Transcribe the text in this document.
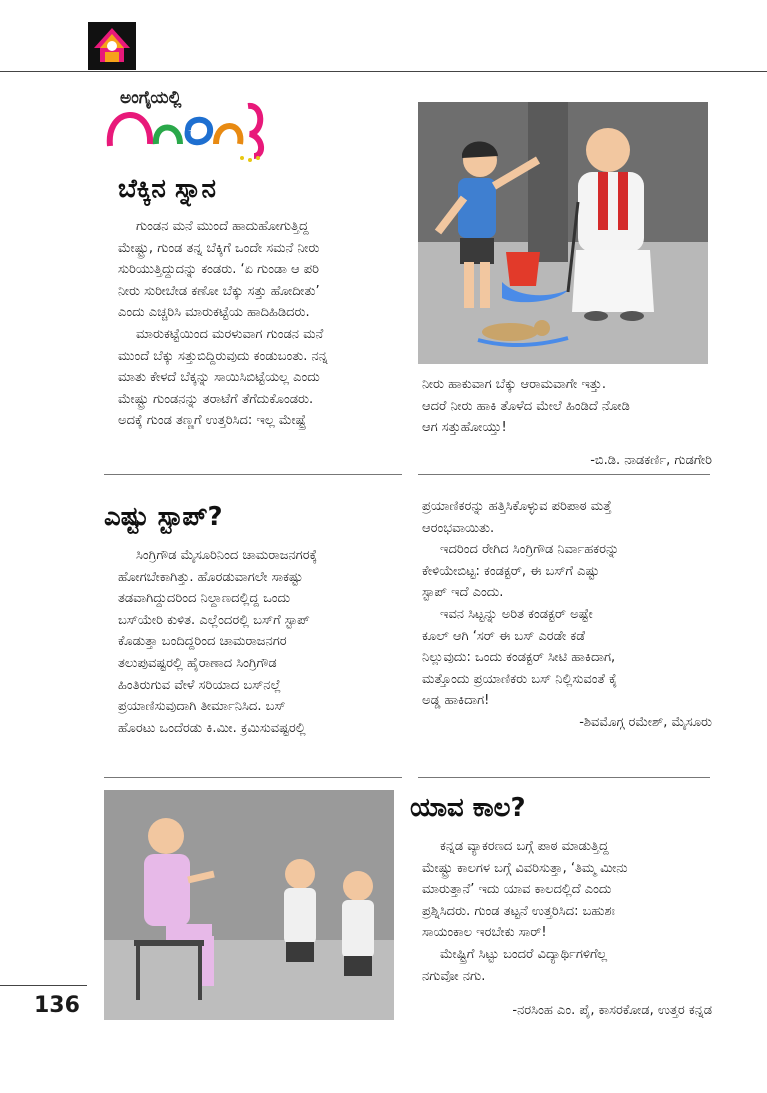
ಅಂಗೈಯಲ್ಲಿ
ಬೆಕ್ಕಿನ ಸ್ನಾನ

ಗುಂಡನ ಮನೆ ಮುಂದೆ ಹಾದುಹೋಗುತ್ತಿದ್ದ

ಮೇಷ್ಟ್ರು, ಗುಂಡ ತನ್ನ ಬೆಕ್ಕಿಗೆ ಒಂದೇ ಸಮನೆ ನೀರು

ಸುರಿಯುತ್ತಿದ್ದುದನ್ನು ಕಂಡರು. ‘ಏ ಗುಂಡಾ ಆ ಪರಿ

ನೀರು ಸುರೀಬೇಡ ಕಣೋ ಬೆಕ್ಕು ಸತ್ತು ಹೋದೀತು’

ಎಂದು ಎಚ್ಚರಿಸಿ ಮಾರುಕಟ್ಟೆಯ ಹಾದಿಹಿಡಿದರು.

ಮಾರುಕಟ್ಟೆಯಿಂದ ಮರಳುವಾಗ ಗುಂಡನ ಮನೆ

ಮುಂದೆ ಬೆಕ್ಕು ಸತ್ತುಬಿದ್ದಿರುವುದು ಕಂಡುಬಂತು. ನನ್ನ

ಮಾತು ಕೇಳದೆ ಬೆಕ್ಕನ್ನು ಸಾಯಿಸಿಬಿಟ್ಟೆಯಲ್ಲ ಎಂದು

ಮೇಷ್ಟ್ರು ಗುಂಡನನ್ನು ತರಾಟೆಗೆ ತೆಗೆದುಕೊಂಡರು.

ಅದಕ್ಕೆ ಗುಂಡ ತಣ್ಣಗೆ ಉತ್ತರಿಸಿದ: ಇಲ್ಲ ಮೇಷ್ಟ್ರೆ

ನೀರು ಹಾಕುವಾಗ ಬೆಕ್ಕು ಆರಾಮವಾಗೇ ಇತ್ತು.

ಆದರೆ ನೀರು ಹಾಕಿ ತೊಳೆದ ಮೇಲೆ ಹಿಂಡಿದೆ ನೋಡಿ

ಆಗ ಸತ್ತುಹೋಯ್ತು!

-ಬಿ.ಡಿ. ನಾಡಕರ್ಣಿ, ಗುಡಗೇರಿ
ಎಷ್ಟು ಸ್ಟಾಪ್?

ಸಿಂಗ್ರಿಗೌಡ ಮೈಸೂರಿನಿಂದ ಚಾಮರಾಜನಗರಕ್ಕೆ

ಹೋಗಬೇಕಾಗಿತ್ತು. ಹೊರಡುವಾಗಲೇ ಸಾಕಷ್ಟು

ತಡವಾಗಿದ್ದುದರಿಂದ ನಿಲ್ದಾಣದಲ್ಲಿದ್ದ ಒಂದು

ಬಸ್‌ಯೇರಿ ಕುಳಿತ. ಎಲ್ಲೆಂದರಲ್ಲಿ ಬಸ್‌ಗೆ ಸ್ಟಾಪ್

ಕೊಡುತ್ತಾ ಬಂದಿದ್ದರಿಂದ ಚಾಮರಾಜನಗರ

ತಲುಪುವಷ್ಟರಲ್ಲಿ ಹೈರಾಣಾದ ಸಿಂಗ್ರಿಗೌಡ

ಹಿಂತಿರುಗುವ ವೇಳೆ ಸರಿಯಾದ ಬಸ್‌ನಲ್ಲೆ

ಪ್ರಯಾಣಿಸುವುದಾಗಿ ತೀರ್ಮಾನಿಸಿದ. ಬಸ್

ಹೊರಟು ಒಂದೆರಡು ಕಿ.ಮೀ. ಕ್ರಮಿಸುವಷ್ಟರಲ್ಲಿ

ಪ್ರಯಾಣಿಕರನ್ನು ಹತ್ತಿಸಿಕೊಳ್ಳುವ ಪರಿಪಾಠ ಮತ್ತೆ

ಆರಂಭವಾಯಿತು.

ಇದರಿಂದ ರೇಗಿದ ಸಿಂಗ್ರಿಗೌಡ ನಿರ್ವಾಹಕರನ್ನು

ಕೇಳಿಯೇಬಿಟ್ಟ: ಕಂಡಕ್ಟರ್, ಈ ಬಸ್‌ಗೆ ಎಷ್ಟು

ಸ್ಟಾಪ್ ಇದೆ ಎಂದು.

ಇವನ ಸಿಟ್ಟನ್ನು ಅರಿತ ಕಂಡಕ್ಟರ್ ಅಷ್ಟೇ

ಕೂಲ್ ಆಗಿ ‘ಸರ್ ಈ ಬಸ್ ಎರಡೇ ಕಡೆ

ನಿಲ್ಲುವುದು: ಒಂದು ಕಂಡಕ್ಟರ್ ಸೀಟಿ ಹಾಕಿದಾಗ,

ಮತ್ತೊಂದು ಪ್ರಯಾಣಿಕರು ಬಸ್ ನಿಲ್ಲಿಸುವಂತೆ ಕೈ

ಅಡ್ಡ ಹಾಕಿದಾಗ!

-ಶಿವಮೊಗ್ಗ ರಮೇಶ್, ಮೈಸೂರು
ಯಾವ ಕಾಲ?

ಕನ್ನಡ ವ್ಯಾಕರಣದ ಬಗ್ಗೆ ಪಾಠ ಮಾಡುತ್ತಿದ್ದ

ಮೇಷ್ಟ್ರು ಕಾಲಗಳ ಬಗ್ಗೆ ವಿವರಿಸುತ್ತಾ, ‘ತಿಮ್ಮ ಮೀನು

ಮಾರುತ್ತಾನೆ’ ಇದು ಯಾವ ಕಾಲದಲ್ಲಿದೆ ಎಂದು

ಪ್ರಶ್ನಿಸಿದರು. ಗುಂಡ ತಟ್ಟನೆ ಉತ್ತರಿಸಿದ: ಬಹುಶಃ

ಸಾಯಂಕಾಲ ಇರಬೇಕು ಸಾರ್!

ಮೇಷ್ಟ್ರಿಗೆ ಸಿಟ್ಟು ಬಂದರೆ ವಿದ್ಯಾರ್ಥಿಗಳಿಗೆಲ್ಲ

ನಗುವೋ ನಗು.

-ನರಸಿಂಹ ಎಂ. ಪೈ, ಕಾಸರಕೋಡ, ಉತ್ತರ ಕನ್ನಡ
136
